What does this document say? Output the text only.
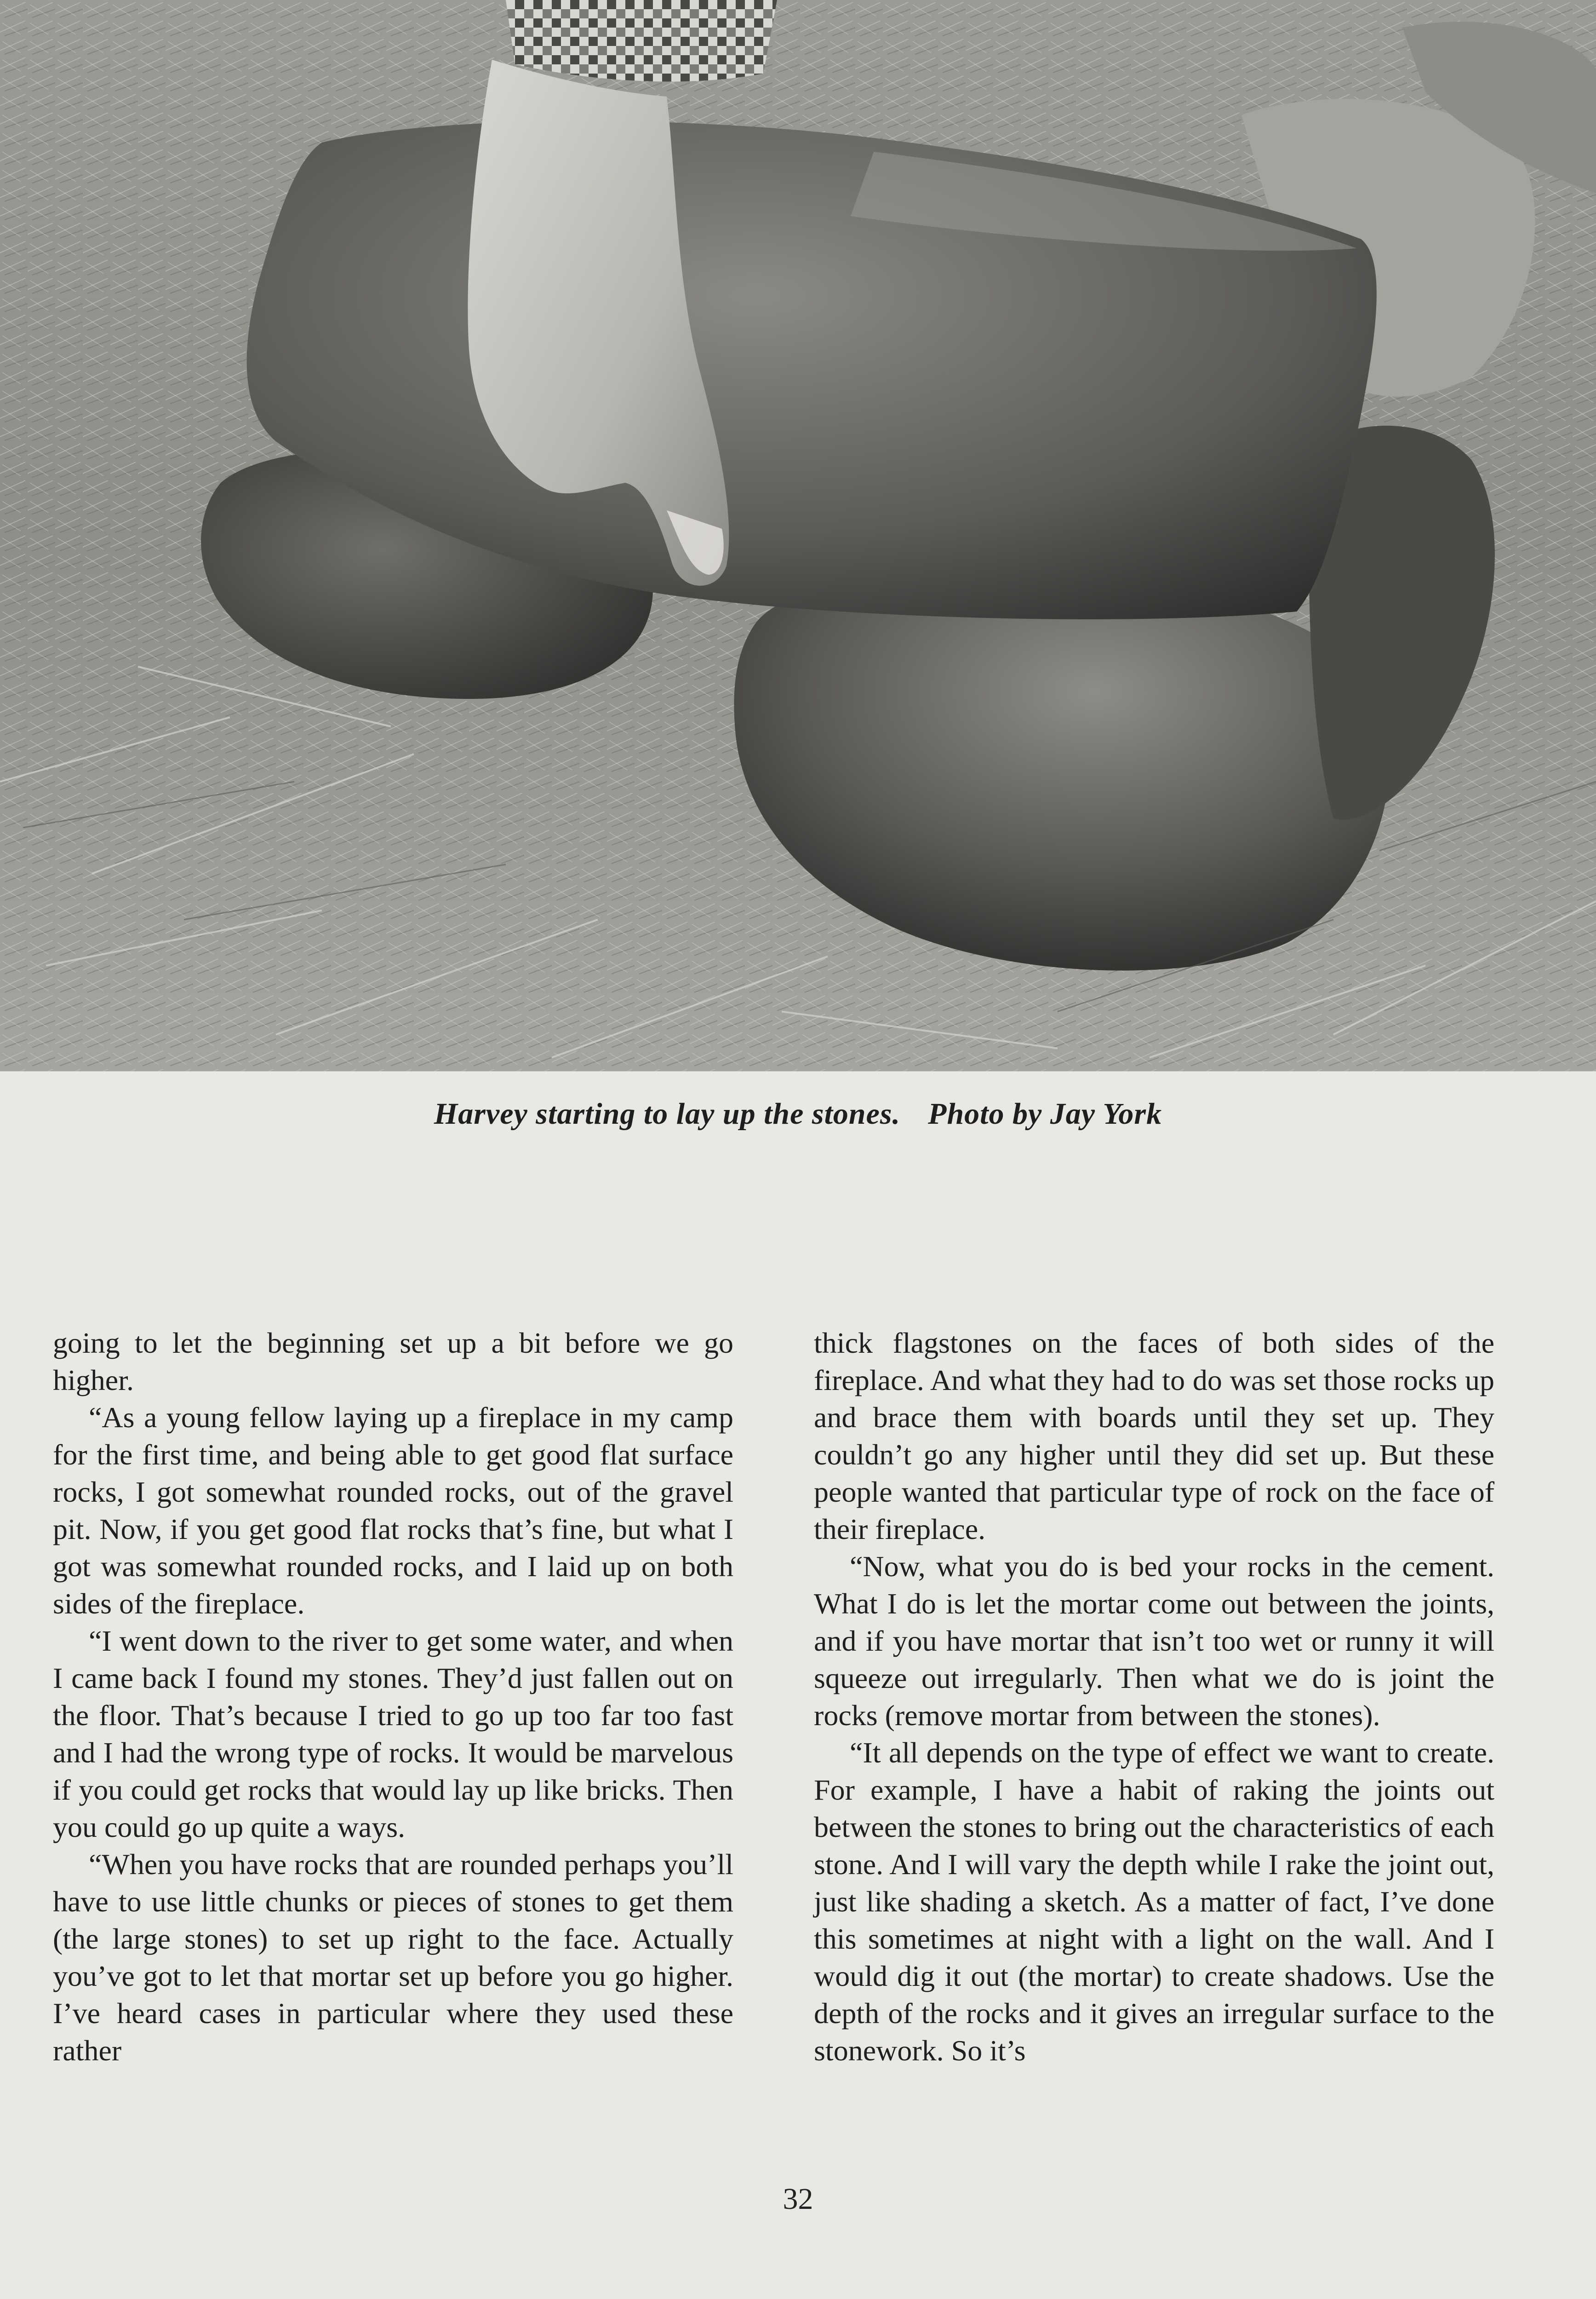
Harvey starting to lay up the stones. Photo by Jay York

going to let the beginning set up a bit before we go higher.

“As a young fellow laying up a fireplace in my camp for the first time, and being able to get good flat surface rocks, I got somewhat rounded rocks, out of the gravel pit. Now, if you get good flat rocks that’s fine, but what I got was somewhat rounded rocks, and I laid up on both sides of the fireplace.

“I went down to the river to get some water, and when I came back I found my stones. They’d just fallen out on the floor. That’s because I tried to go up too far too fast and I had the wrong type of rocks. It would be marvelous if you could get rocks that would lay up like bricks. Then you could go up quite a ways.

“When you have rocks that are rounded perhaps you’ll have to use little chunks or pieces of stones to get them (the large stones) to set up right to the face. Actually you’ve got to let that mortar set up before you go higher. I’ve heard cases in particular where they used these rather

thick flagstones on the faces of both sides of the fireplace. And what they had to do was set those rocks up and brace them with boards until they set up. They couldn’t go any higher until they did set up. But these people wanted that particular type of rock on the face of their fireplace.

“Now, what you do is bed your rocks in the cement. What I do is let the mortar come out between the joints, and if you have mortar that isn’t too wet or runny it will squeeze out irregularly. Then what we do is joint the rocks (remove mortar from between the stones).

“It all depends on the type of effect we want to create. For example, I have a habit of raking the joints out between the stones to bring out the characteristics of each stone. And I will vary the depth while I rake the joint out, just like shading a sketch. As a matter of fact, I’ve done this sometimes at night with a light on the wall. And I would dig it out (the mortar) to create shadows. Use the depth of the rocks and it gives an irregular surface to the stonework. So it’s

32
